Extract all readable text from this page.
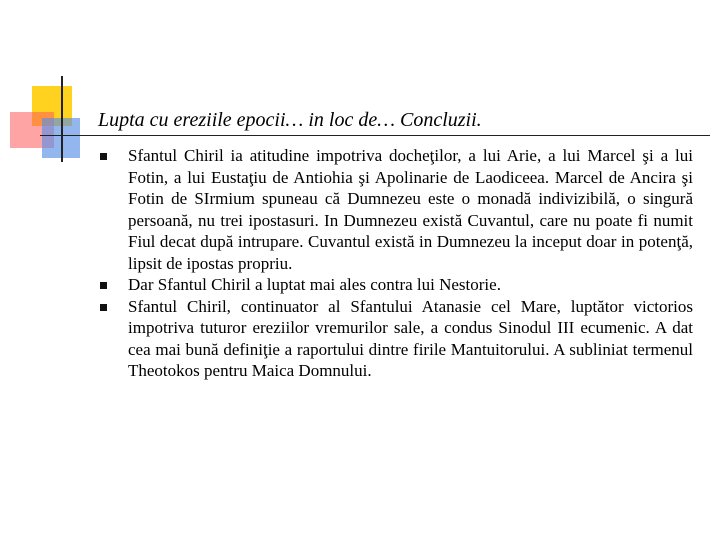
Lupta cu ereziile epocii… in loc de… Concluzii.
Sfantul Chiril ia atitudine impotriva docheţilor, a lui Arie, a lui Marcel şi a lui Fotin, a lui Eustaţiu de Antiohia şi Apolinarie de Laodiceea. Marcel de Ancira şi Fotin de SIrmium spuneau că Dumnezeu este o monadă indivizibilă, o singură persoană, nu trei ipostasuri. In Dumnezeu există Cuvantul, care nu poate fi numit Fiul decat după intrupare. Cuvantul există in Dumnezeu la inceput doar in potenţă, lipsit de ipostas propriu.
Dar Sfantul Chiril a luptat mai ales contra lui Nestorie.
Sfantul Chiril, continuator al Sfantului Atanasie cel Mare, luptător victorios impotriva tuturor ereziilor vremurilor sale, a condus Sinodul III ecumenic. A dat cea mai bună definiţie a raportului dintre firile Mantuitorului. A subliniat termenul Theotokos pentru Maica Domnului.
